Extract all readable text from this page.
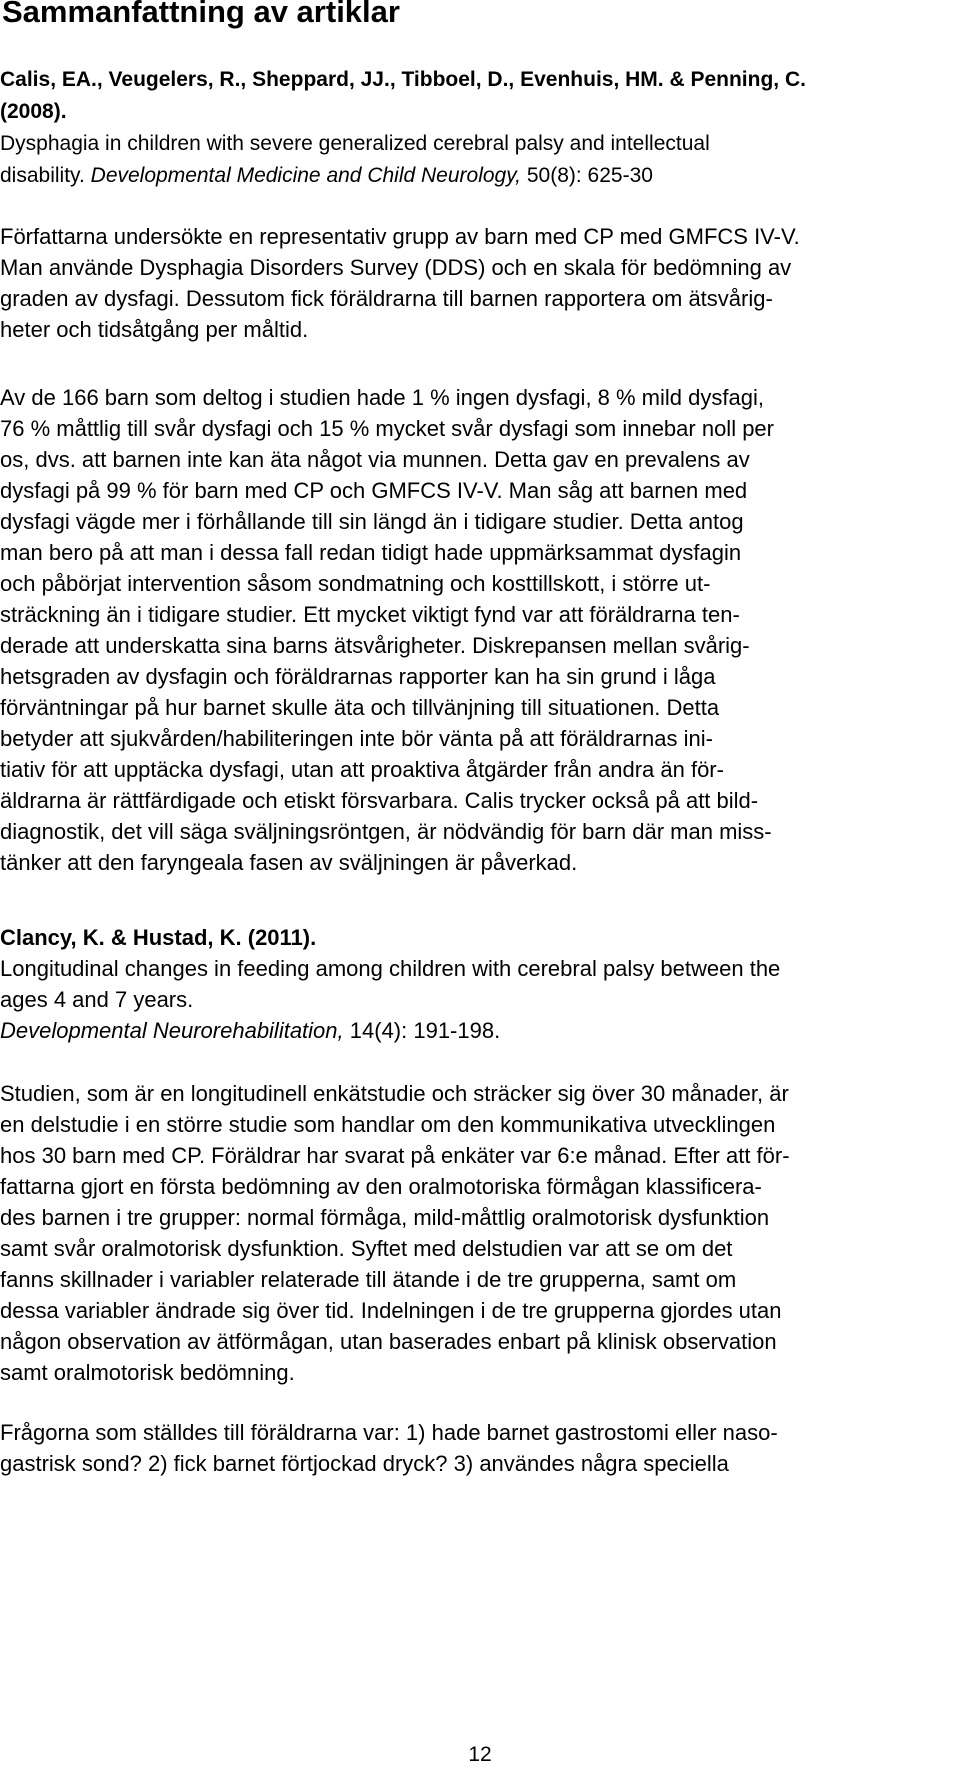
Sammanfattning av artiklar
Calis, EA., Veugelers, R., Sheppard, JJ., Tibboel, D., Evenhuis, HM. & Penning, C.
(2008).
Dysphagia in children with severe generalized cerebral palsy and intellectual
disability. Developmental Medicine and Child Neurology, 50(8): 625-30
Författarna undersökte en representativ grupp av barn med CP med GMFCS IV-V.
Man använde Dysphagia Disorders Survey (DDS) och en skala för bedömning av
graden av dysfagi. Dessutom fick föräldrarna till barnen rapportera om ätsvårig-
heter och tidsåtgång per måltid.
Av de 166 barn som deltog i studien hade 1 % ingen dysfagi, 8 % mild dysfagi,
76 % måttlig till svår dysfagi och 15 % mycket svår dysfagi som innebar noll per
os, dvs. att barnen inte kan äta något via munnen. Detta gav en prevalens av
dysfagi på 99 % för barn med CP och GMFCS IV-V. Man såg att barnen med
dysfagi vägde mer i förhållande till sin längd än i tidigare studier. Detta antog
man bero på att man i dessa fall redan tidigt hade uppmärksammat dysfagin
och påbörjat intervention såsom sondmatning och kosttillskott, i större ut-
sträckning än i tidigare studier. Ett mycket viktigt fynd var att föräldrarna ten-
derade att underskatta sina barns ätsvårigheter. Diskrepansen mellan svårig-
hetsgraden av dysfagin och föräldrarnas rapporter kan ha sin grund i låga
förväntningar på hur barnet skulle äta och tillvänjning till situationen. Detta
betyder att sjukvården/habiliteringen inte bör vänta på att föräldrarnas ini-
tiativ för att upptäcka dysfagi, utan att proaktiva åtgärder från andra än för-
äldrarna är rättfärdigade och etiskt försvarbara. Calis trycker också på att bild-
diagnostik, det vill säga sväljningsröntgen, är nödvändig för barn där man miss-
tänker att den faryngeala fasen av sväljningen är påverkad.
Clancy, K. & Hustad, K. (2011).
Longitudinal changes in feeding among children with cerebral palsy between the
ages 4 and 7 years.
Developmental Neurorehabilitation, 14(4): 191-198.
Studien, som är en longitudinell enkätstudie och sträcker sig över 30 månader, är
en delstudie i en större studie som handlar om den kommunikativa utvecklingen
hos 30 barn med CP. Föräldrar har svarat på enkäter var 6:e månad. Efter att för-
fattarna gjort en första bedömning av den oralmotoriska förmågan klassificera-
des barnen i tre grupper: normal förmåga, mild-måttlig oralmotorisk dysfunktion
samt svår oralmotorisk dysfunktion. Syftet med delstudien var att se om det
fanns skillnader i variabler relaterade till ätande i de tre grupperna, samt om
dessa variabler ändrade sig över tid. Indelningen i de tre grupperna gjordes utan
någon observation av ätförmågan, utan baserades enbart på klinisk observation
samt oralmotorisk bedömning.
Frågorna som ställdes till föräldrarna var: 1) hade barnet gastrostomi eller naso-
gastrisk sond? 2) fick barnet förtjockad dryck? 3) användes några speciella
12
